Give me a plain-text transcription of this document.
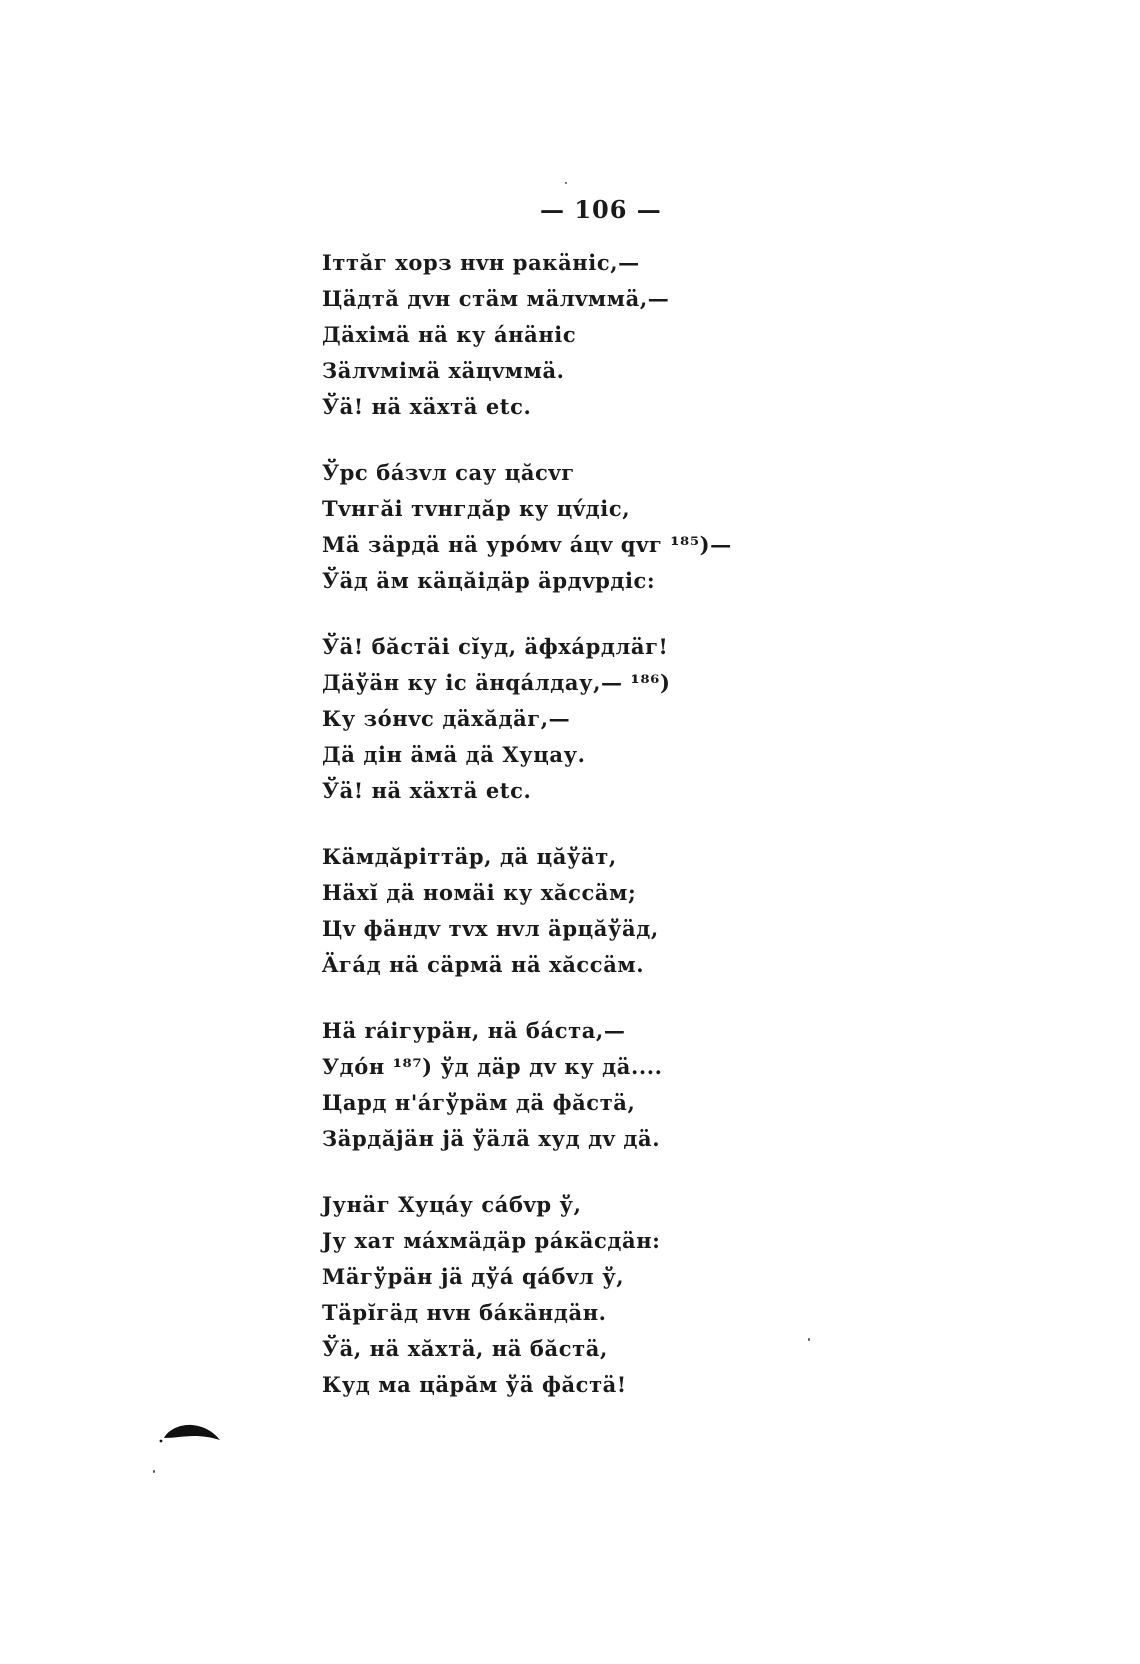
— 106 —
Іттăг хорз нvн ракäнic,—
Цäдтă дvн стäм мäлvммä,—
Дäхімä нä ку áнäнic
Зäлvмімä хäцvммä.
Ўä! нä хäхтä etc.
Ўрс бáзvл сау цăсvг
Тvнгăі тvнгдăр ку цv́дic,
Мä зäрдä нä урóмv áцv qvг ¹⁸⁵)—
Ўäд äм кäцăідäр äрдvрдіс:
Ўä! бăстäі сĭуд, äфхáрдлäг!
Дäўäн ку іс äнqáлдау,— ¹⁸⁶)
Ку зóнvс дäхăдäг,—
Дä дін äмä дä Хуцау.
Ўä! нä хäхтä etc.
Кäмдăріттäр, дä цăўäт,
Нäхĭ дä номäі ку хăссäм;
Цv фäндv тvх нvл äрцăўäд,
Äгáд нä сäрмä нä хăссäм.
Нä ráігурäн, нä бáста,—
Удóн ¹⁸⁷) ўд дäр дv ку дä....
Цард н'áгўрäм дä фăстä,
Зäрдăјäн јä ўäлä худ дv дä.
Јунäг Хуцáу сáбvр ў,
Ју хат мáхмäдäр рáкäсдäн:
Мäгўрäн јä дўá qáбvл ў,
Тäрĭгäд нvн бáкäндäн.
Ўä, нä хăхтä, нä бăстä,
Куд ма цäрăм ўä фăстä!
